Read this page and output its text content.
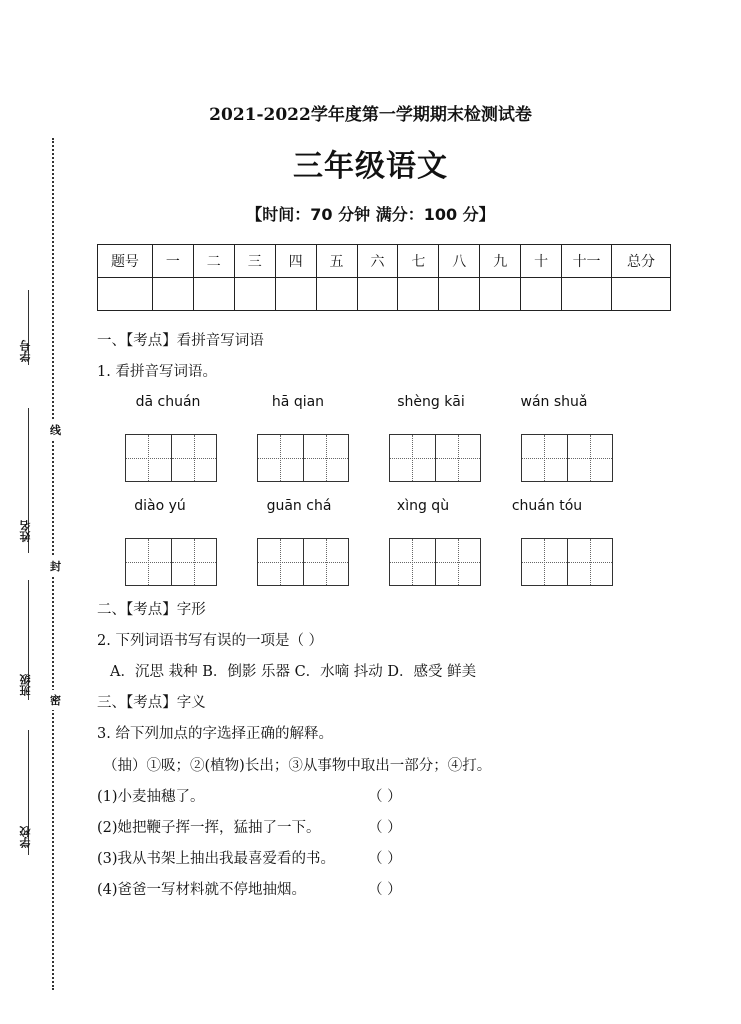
学号
姓名
班级
学校
线
封
密
2021-2022学年度第一学期期末检测试卷
三年级语文
【时间：70 分钟 满分：100 分】
题号	一	二	三	四	五	六	七	八	九	十	十一	总分

一、【考点】看拼音写词语
1. 看拼音写词语。
dā chuán	hā qian	shèng kāi	wán shuǎ
diào yú	guān chá	xìng qù	chuán tóu
二、【考点】字形
2. 下列词语书写有误的一项是（ ）
A．沉思 栽种 B．倒影 乐器 C．水嘀 抖动 D．感受 鲜美
三、【考点】字义
3. 给下列加点的字选择正确的解释。
（抽）①吸；②(植物)长出；③从事物中取出一部分；④打。
(1)小麦抽穗了。	（ ）
(2)她把鞭子挥一挥，猛抽了一下。	（ ）
(3)我从书架上抽出我最喜爱看的书。 （ ）
(4)爸爸一写材料就不停地抽烟。	（ ）
